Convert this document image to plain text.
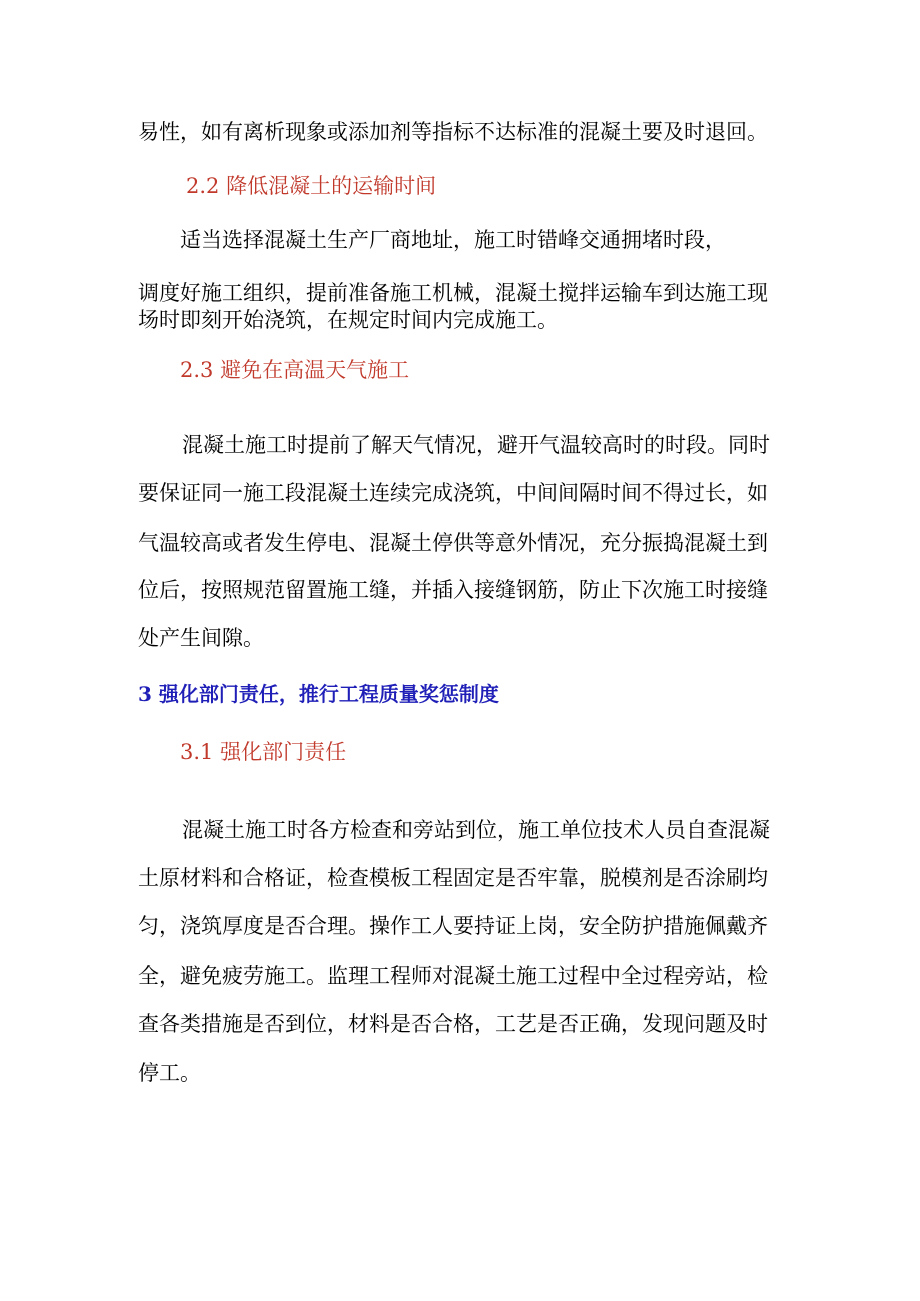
易性，如有离析现象或添加剂等指标不达标准的混凝土要及时退回。

2.2 降低混凝土的运输时间

适当选择混凝土生产厂商地址，施工时错峰交通拥堵时段，

调度好施工组织，提前准备施工机械，混凝土搅拌运输车到达施工现

场时即刻开始浇筑，在规定时间内完成施工。

2.3 避免在高温天气施工

混凝土施工时提前了解天气情况，避开气温较高时的时段。同时

要保证同一施工段混凝土连续完成浇筑，中间间隔时间不得过长，如

气温较高或者发生停电、混凝土停供等意外情况，充分振捣混凝土到

位后，按照规范留置施工缝，并插入接缝钢筋，防止下次施工时接缝

处产生间隙。

3 强化部门责任，推行工程质量奖惩制度

3.1 强化部门责任

混凝土施工时各方检查和旁站到位，施工单位技术人员自查混凝

土原材料和合格证，检查模板工程固定是否牢靠，脱模剂是否涂刷均

匀，浇筑厚度是否合理。操作工人要持证上岗，安全防护措施佩戴齐

全，避免疲劳施工。监理工程师对混凝土施工过程中全过程旁站，检

查各类措施是否到位，材料是否合格，工艺是否正确，发现问题及时

停工。
